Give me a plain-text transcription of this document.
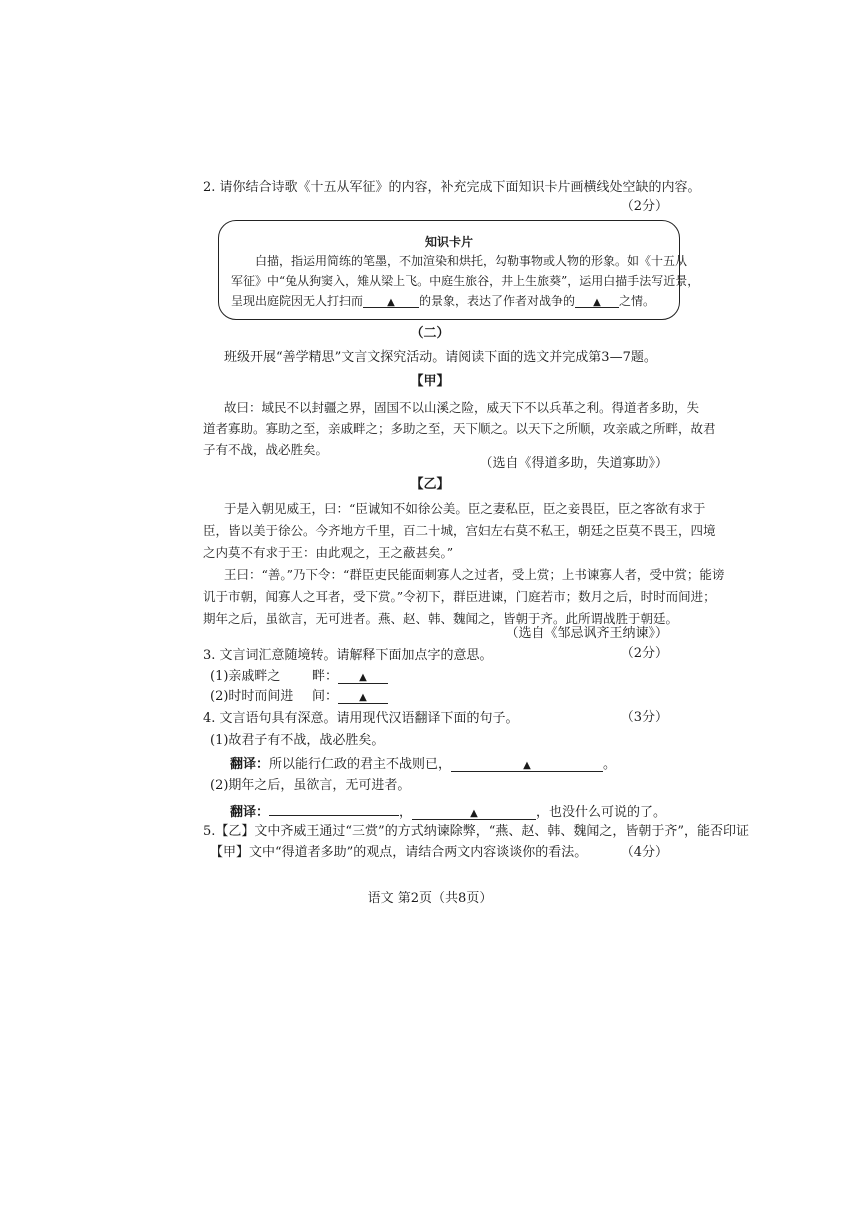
2. 请你结合诗歌《十五从军征》的内容，补充完成下面知识卡片画横线处空缺的内容。
（2分）
知识卡片
白描，指运用简练的笔墨，不加渲染和烘托，勾勒事物或人物的形象。如《十五从
军征》中“兔从狗窦入，雉从梁上飞。中庭生旅谷，井上生旅葵”，运用白描手法写近景，
呈现出庭院因无人打扫而 ▲ 的景象，表达了作者对战争的 ▲ 之情。
（二）
班级开展“善学精思”文言文探究活动。请阅读下面的选文并完成第3—7题。
【甲】
故曰：域民不以封疆之界，固国不以山溪之险，威天下不以兵革之利。得道者多助，失
道者寡助。寡助之至，亲戚畔之；多助之至，天下顺之。以天下之所顺，攻亲戚之所畔，故君
子有不战，战必胜矣。
（选自《得道多助，失道寡助》）
【乙】
于是入朝见威王，曰：“臣诚知不如徐公美。臣之妻私臣，臣之妾畏臣，臣之客欲有求于
臣，皆以美于徐公。今齐地方千里，百二十城，宫妇左右莫不私王，朝廷之臣莫不畏王，四境
之内莫不有求于王：由此观之，王之蔽甚矣。”
王曰：“善。”乃下令：“群臣吏民能面刺寡人之过者，受上赏；上书谏寡人者，受中赏；能谤
讥于市朝，闻寡人之耳者，受下赏。”令初下，群臣进谏，门庭若市；数月之后，时时而间进；
期年之后，虽欲言，无可进者。燕、赵、韩、魏闻之，皆朝于齐。此所谓战胜于朝廷。
（选自《邹忌讽齐王纳谏》）
3. 文言词汇意随境转。请解释下面加点字的意思。	（2分）
(1)亲戚畔之 畔： ▲
(2)时时而间进 间： ▲
4. 文言语句具有深意。请用现代汉语翻译下面的句子。	（3分）
(1)故君子有不战，战必胜矣。
翻译：所以能行仁政的君主不战则已，	▲	。
(2)期年之后，虽欲言，无可进者。
翻译：	，	▲	，也没什么可说的了。
5.【乙】文中齐威王通过“三赏”的方式纳谏除弊，“燕、赵、韩、魏闻之，皆朝于齐”，能否印证
【甲】文中“得道者多助”的观点，请结合两文内容谈谈你的看法。	（4分）
语文 第2页（共8页）
